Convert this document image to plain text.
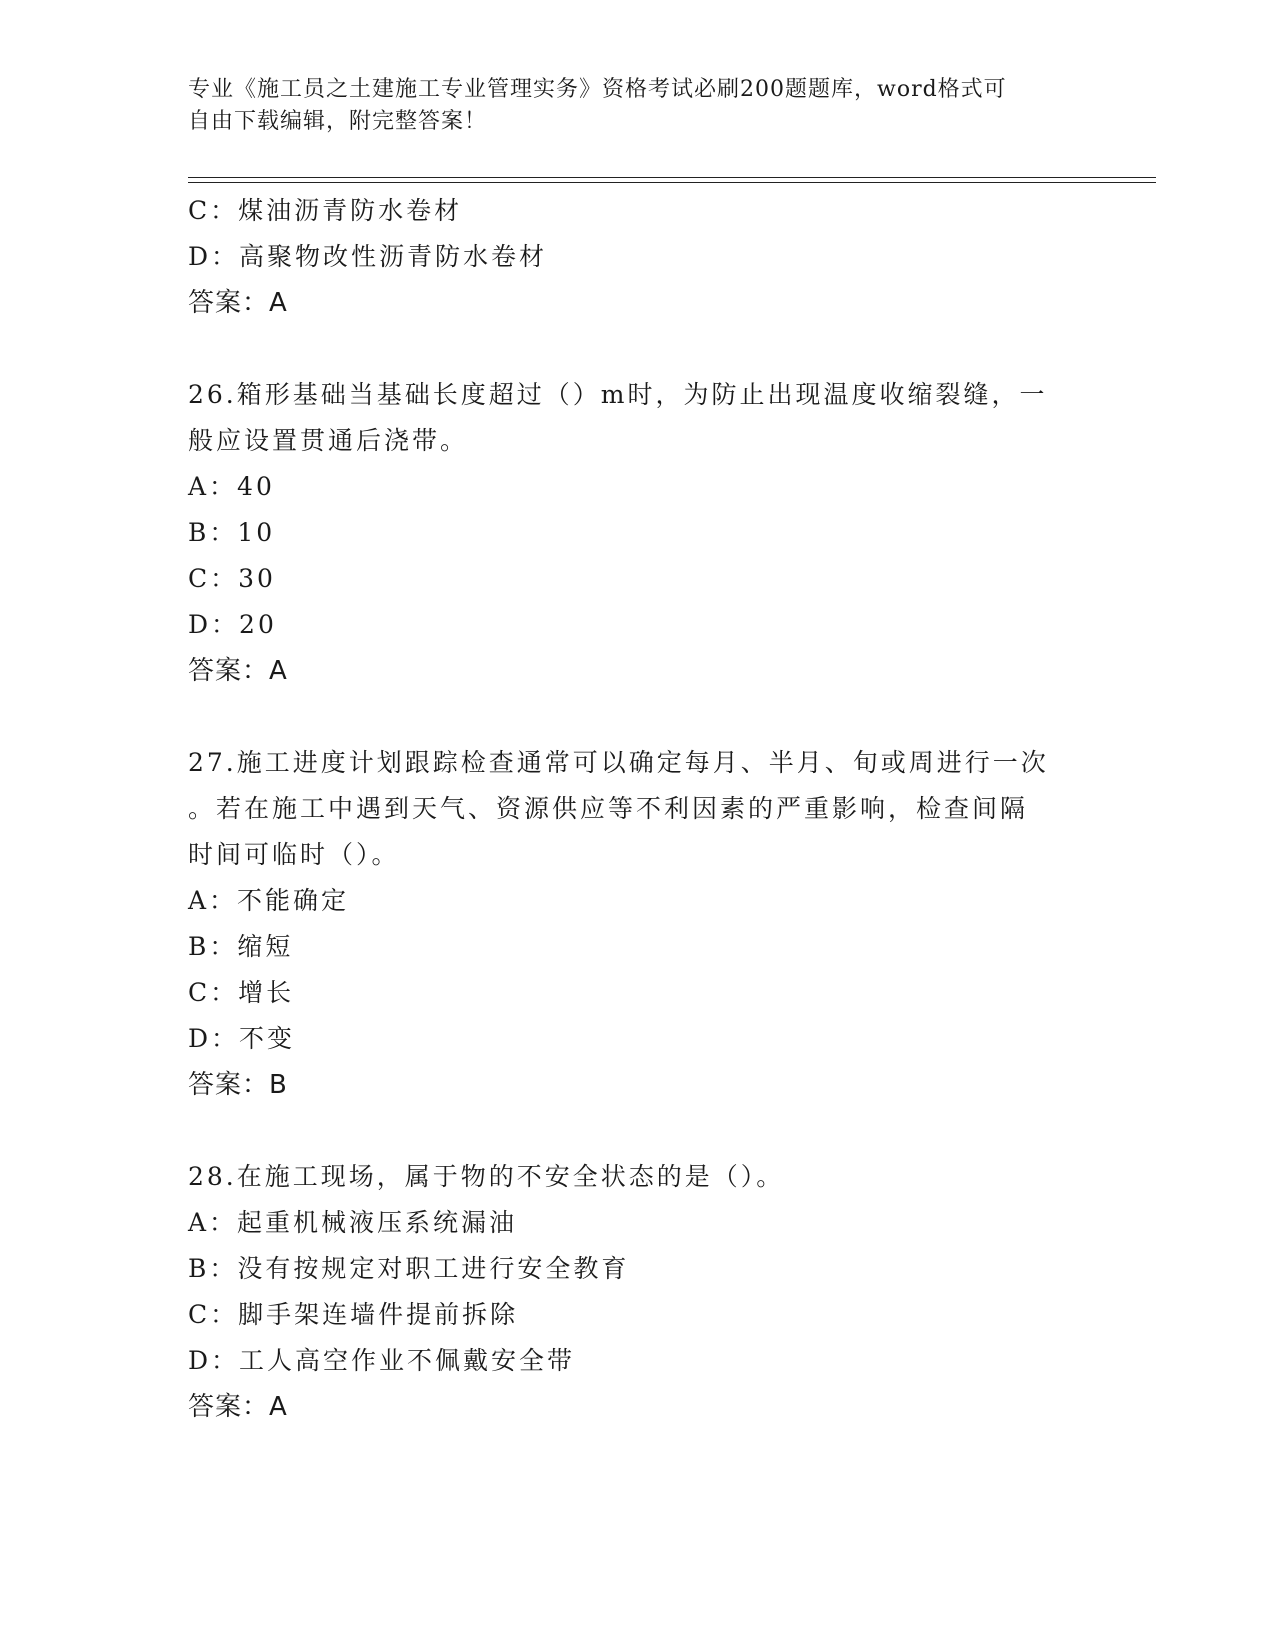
专业《施工员之土建施工专业管理实务》资格考试必刷200题题库，word格式可
自由下载编辑，附完整答案！
C：煤油沥青防水卷材
D：高聚物改性沥青防水卷材
答案：A
26.箱形基础当基础长度超过（）m时，为防止出现温度收缩裂缝，一
般应设置贯通后浇带。
A：40
B：10
C：30
D：20
答案：A
27.施工进度计划跟踪检查通常可以确定每月、半月、旬或周进行一次
。若在施工中遇到天气、资源供应等不利因素的严重影响，检查间隔
时间可临时（）。
A：不能确定
B：缩短
C：增长
D：不变
答案：B
28.在施工现场，属于物的不安全状态的是（）。
A：起重机械液压系统漏油
B：没有按规定对职工进行安全教育
C：脚手架连墙件提前拆除
D：工人高空作业不佩戴安全带
答案：A
